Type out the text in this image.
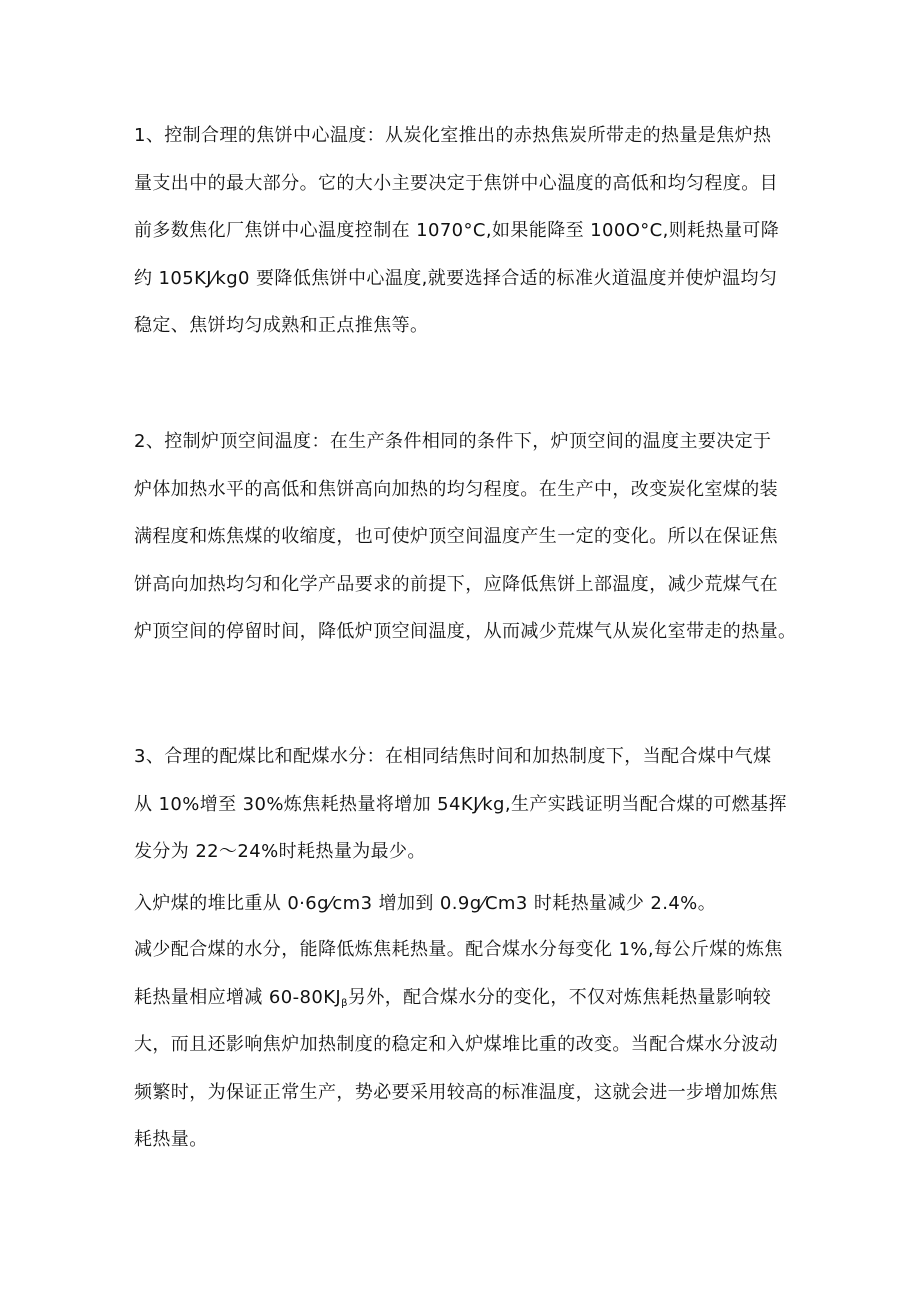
1、控制合理的焦饼中心温度：从炭化室推出的赤热焦炭所带走的热量是焦炉热
量支出中的最大部分。它的大小主要决定于焦饼中心温度的高低和均匀程度。目
前多数焦化厂焦饼中心温度控制在 1070°C,如果能降至 100O°C,则耗热量可降
约 105KJ⁄kg0 要降低焦饼中心温度,就要选择合适的标准火道温度并使炉温均匀
稳定、焦饼均匀成熟和正点推焦等。

2、控制炉顶空间温度：在生产条件相同的条件下，炉顶空间的温度主要决定于
炉体加热水平的高低和焦饼高向加热的均匀程度。在生产中，改变炭化室煤的装
满程度和炼焦煤的收缩度，也可使炉顶空间温度产生一定的变化。所以在保证焦
饼高向加热均匀和化学产品要求的前提下，应降低焦饼上部温度，减少荒煤气在
炉顶空间的停留时间，降低炉顶空间温度，从而减少荒煤气从炭化室带走的热量。

3、合理的配煤比和配煤水分：在相同结焦时间和加热制度下，当配合煤中气煤
从 10%增至 30%炼焦耗热量将增加 54KJ⁄kg,生产实践证明当配合煤的可燃基挥
发分为 22～24%时耗热量为最少。

入炉煤的堆比重从 0·6g⁄cm3 增加到 0.9g⁄Cm3 时耗热量减少 2.4%。

减少配合煤的水分，能降低炼焦耗热量。配合煤水分每变化 1%,每公斤煤的炼焦
耗热量相应增减 $60-80KJ_\beta$另外，配合煤水分的变化，不仅对炼焦耗热量影响较
大，而且还影响焦炉加热制度的稳定和入炉煤堆比重的改变。当配合煤水分波动
频繁时，为保证正常生产，势必要采用较高的标准温度，这就会进一步增加炼焦
耗热量。
